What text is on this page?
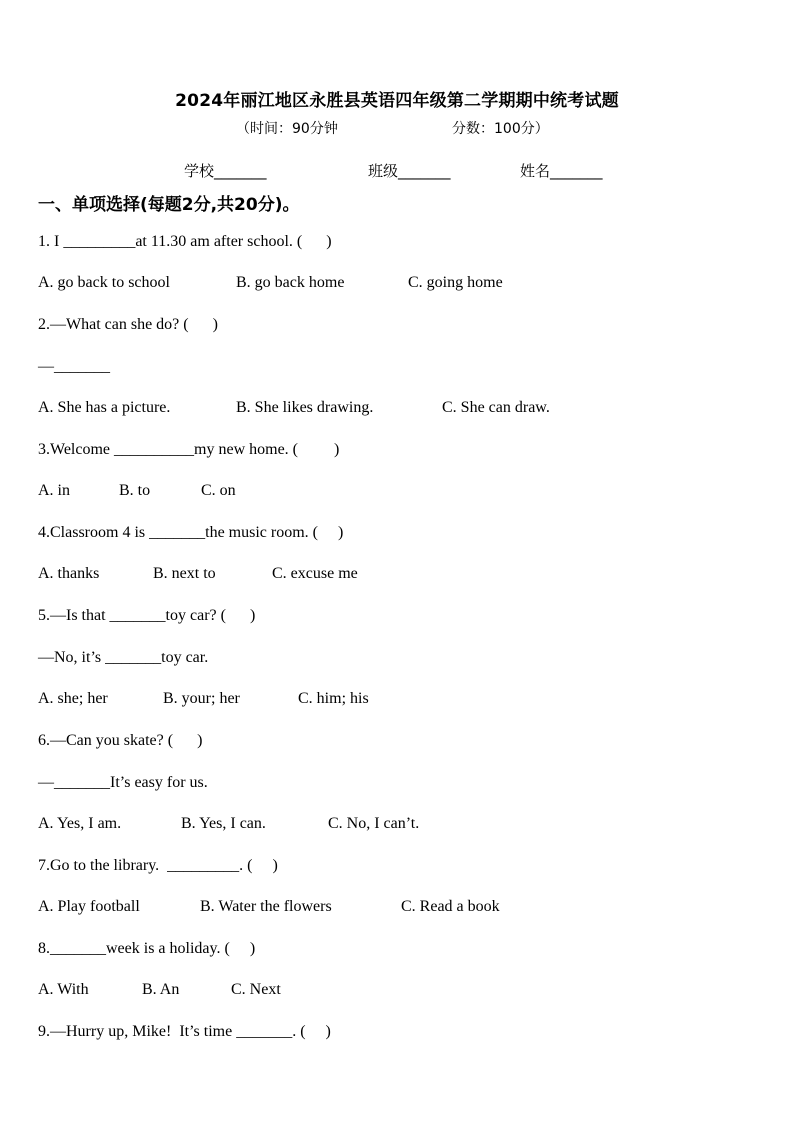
2024年丽江地区永胜县英语四年级第二学期期中统考试题
（时间：90分钟	分数：100分）
学校_______	班级_______	姓名_______
一、单项选择(每题2分,共20分)。
1. I _________at 11.30 am after school. (      )

A. go back to school

	B. go back home

	C. going home

2.—What can she do? (      )
—_______

A. She has a picture.

	B. She likes drawing.

	C. She can draw.

3.Welcome __________my new home. (         )

A. in

	B. to

	C. on

4.Classroom 4 is _______the music room. (     )

A. thanks

	B. next to

	C. excuse me

5.—Is that _______toy car? (      )
—No, it’s _______toy car.

A. she; her

	B. your; her

	C. him; his

6.—Can you skate? (      )
—_______It’s easy for us.

A. Yes, I am.

	B. Yes, I can.

	C. No, I can’t.

7.Go to the library.  _________. (     )

A. Play football

	B. Water the flowers

	C. Read a book

8._______week is a holiday. (     )

A. With

	B. An

	C. Next

9.—Hurry up, Mike!  It’s time _______. (     )
